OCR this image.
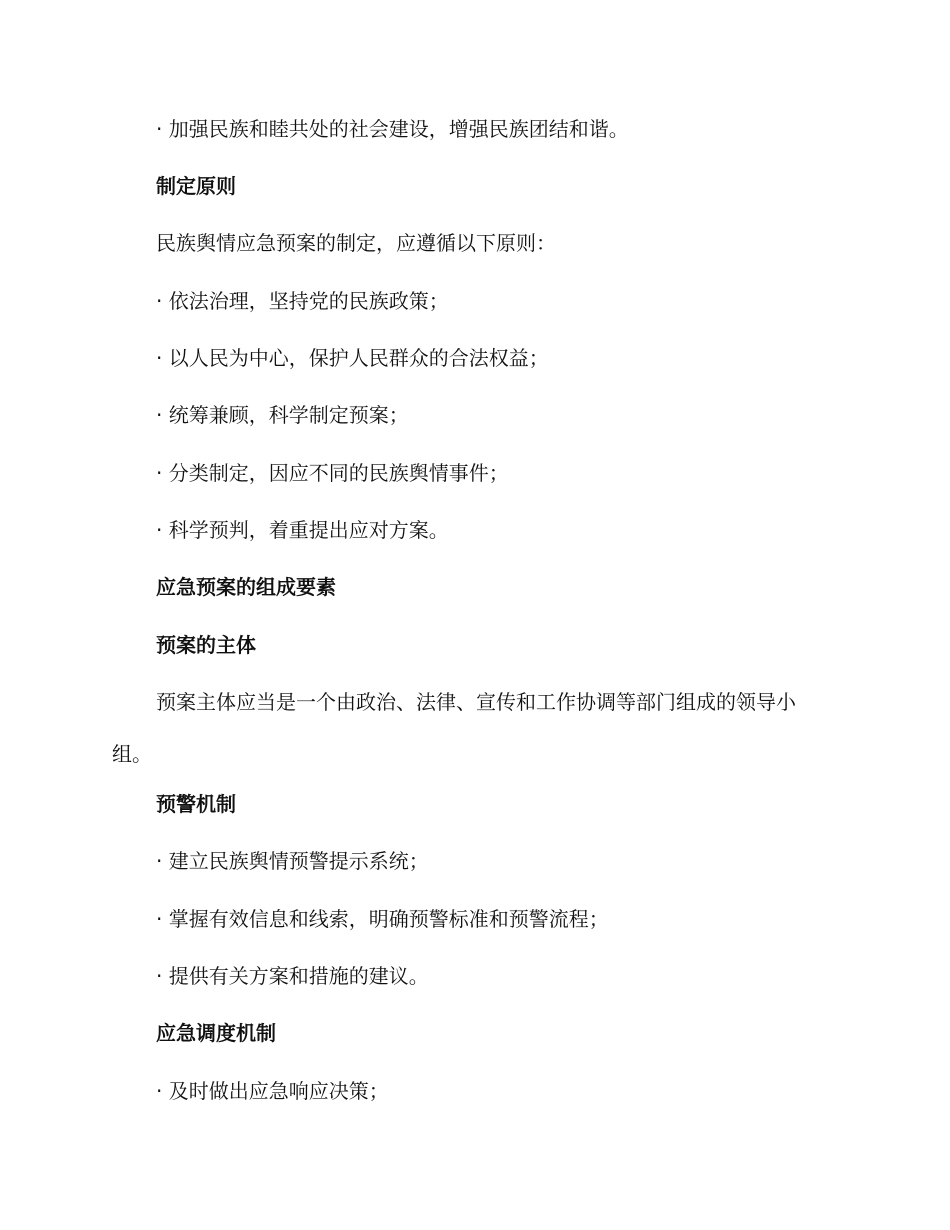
· 加强民族和睦共处的社会建设，增强民族团结和谐。
制定原则
民族舆情应急预案的制定，应遵循以下原则：
· 依法治理，坚持党的民族政策；
· 以人民为中心，保护人民群众的合法权益；
· 统筹兼顾，科学制定预案；
· 分类制定，因应不同的民族舆情事件；
· 科学预判，着重提出应对方案。
应急预案的组成要素
预案的主体
预案主体应当是一个由政治、法律、宣传和工作协调等部门组成的领导小组。
预警机制
· 建立民族舆情预警提示系统；
· 掌握有效信息和线索，明确预警标准和预警流程；
· 提供有关方案和措施的建议。
应急调度机制
· 及时做出应急响应决策；
